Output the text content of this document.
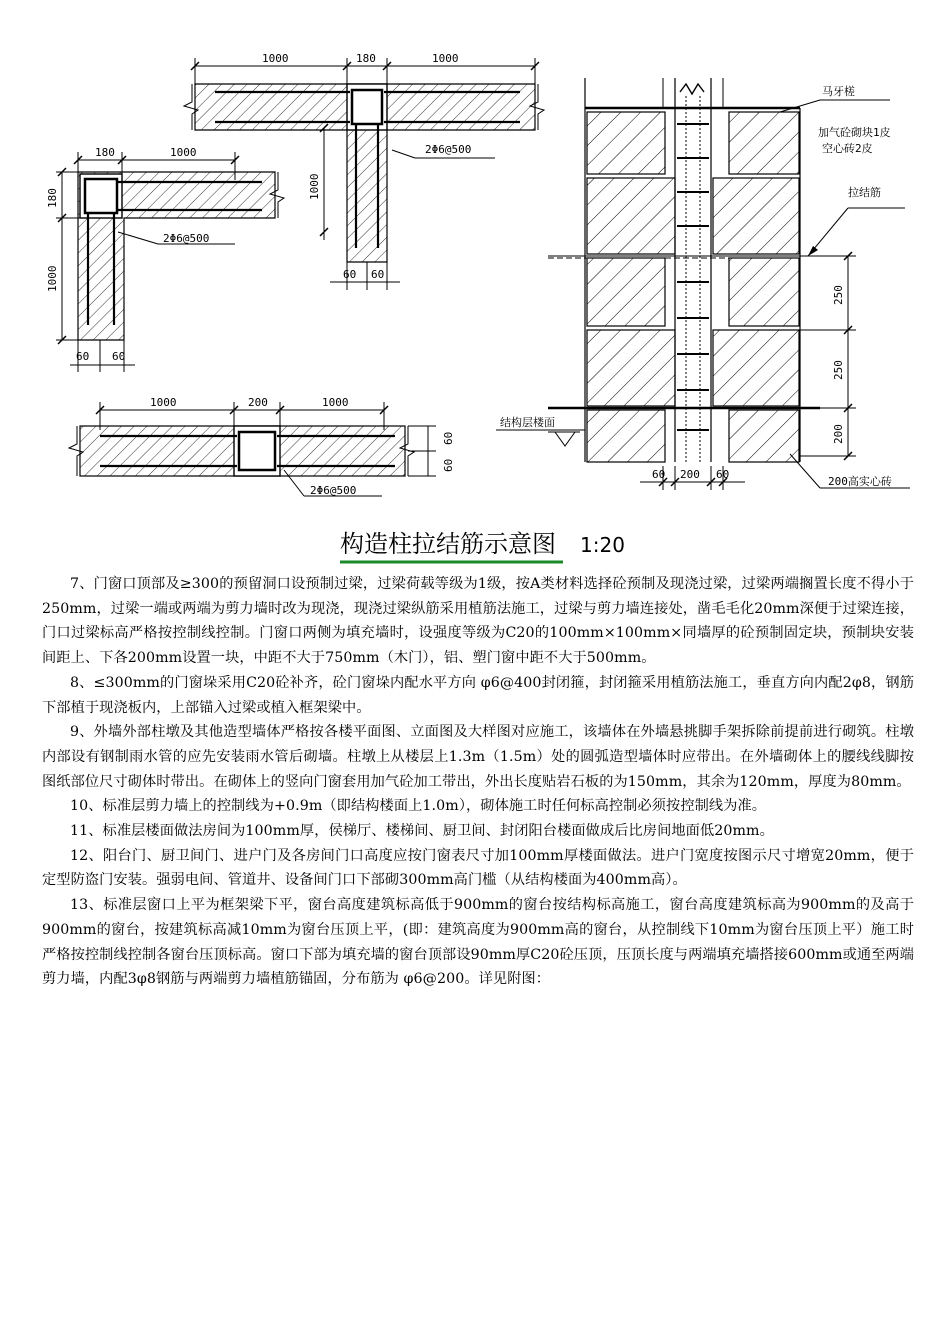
1000	180	1000
1000
60 60
2Φ6@500
180	1000
180
1000
60 60
2Φ6@500
1000	200	1000
60
60
2Φ6@500
250
250
200
60 200 60
马牙槎
加气砼砌块1皮
空心砖2皮
拉结筋
结构层楼面
200高实心砖
构造柱拉结筋示意图 1:20

7、门窗口顶部及≥300的预留洞口设预制过梁，过梁荷载等级为1级，按A类材料选择砼预制及现浇过梁，过梁两端搁置长度不得小于250mm，过梁一端或两端为剪力墙时改为现浇，现浇过梁纵筋采用植筋法施工，过梁与剪力墙连接处，凿毛毛化20mm深便于过梁连接，门口过梁标高严格按控制线控制。门窗口两侧为填充墙时，设强度等级为C20的100mm×100mm×同墙厚的砼预制固定块，预制块安装间距上、下各200mm设置一块，中距不大于750mm（木门），铝、塑门窗中距不大于500mm。

8、≤300mm的门窗垛采用C20砼补齐，砼门窗垛内配水平方向 φ6@400封闭箍，封闭箍采用植筋法施工，垂直方向内配2φ8，钢筋下部植于现浇板内，上部锚入过梁或植入框架梁中。

9、外墙外部柱墩及其他造型墙体严格按各楼平面图、立面图及大样图对应施工，该墙体在外墙悬挑脚手架拆除前提前进行砌筑。柱墩内部设有钢制雨水管的应先安装雨水管后砌墙。柱墩上从楼层上1.3m（1.5m）处的圆弧造型墙体时应带出。在外墙砌体上的腰线线脚按图纸部位尺寸砌体时带出。在砌体上的竖向门窗套用加气砼加工带出，外出长度贴岩石板的为150mm，其余为120mm，厚度为80mm。

10、标准层剪力墙上的控制线为+0.9m（即结构楼面上1.0m），砌体施工时任何标高控制必须按控制线为准。

11、标准层楼面做法房间为100mm厚，侯梯厅、楼梯间、厨卫间、封闭阳台楼面做成后比房间地面低20mm。

12、阳台门、厨卫间门、进户门及各房间门口高度应按门窗表尺寸加100mm厚楼面做法。进户门宽度按图示尺寸增宽20mm，便于定型防盗门安装。强弱电间、管道井、设备间门口下部砌300mm高门槛（从结构楼面为400mm高）。

13、标准层窗口上平为框架梁下平，窗台高度建筑标高低于900mm的窗台按结构标高施工，窗台高度建筑标高为900mm的及高于900mm的窗台，按建筑标高减10mm为窗台压顶上平，(即：建筑高度为900mm高的窗台，从控制线下10mm为窗台压顶上平）施工时严格按控制线控制各窗台压顶标高。窗口下部为填充墙的窗台顶部设90mm厚C20砼压顶，压顶长度与两端填充墙搭接600mm或通至两端剪力墙，内配3φ8钢筋与两端剪力墙植筋锚固，分布筋为 φ6@200。详见附图：
